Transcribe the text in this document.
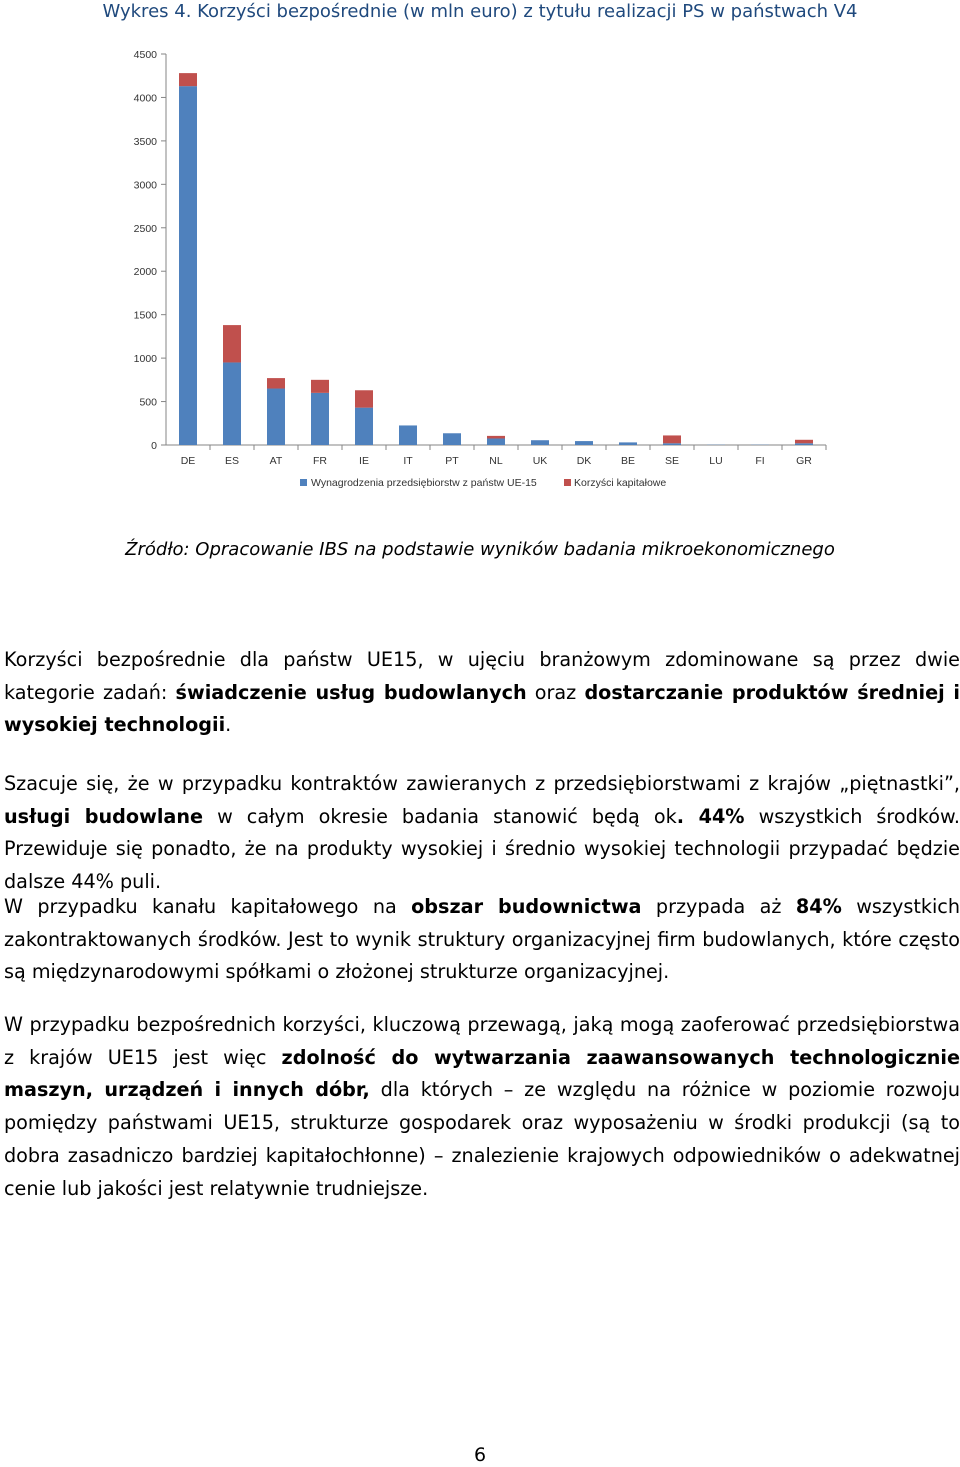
Wykres 4. Korzyści bezpośrednie (w mln euro) z tytułu realizacji PS w państwach V4
0
500
1000
1500
2000
2500
3000
3500
4000
4500
DE	ES	AT	FR	IE	IT	PT	NL	UK	DK	BE	SE	LU	FI	GR
Wynagrodzenia przedsiębiorstw z państw UE-15	Korzyści kapitałowe
Źródło: Opracowanie IBS na podstawie wyników badania mikroekonomicznego

Korzyści bezpośrednie dla państw UE15, w ujęciu branżowym zdominowane są przez dwie kategorie zadań: świadczenie usług budowlanych oraz dostarczanie produktów średniej i wysokiej technologii.

Szacuje się, że w przypadku kontraktów zawieranych z przedsiębiorstwami z krajów „piętnastki”, usługi budowlane w całym okresie badania stanowić będą ok. 44% wszystkich środków. Przewiduje się ponadto, że na produkty wysokiej i średnio wysokiej technologii przypadać będzie dalsze 44% puli.

W przypadku kanału kapitałowego na obszar budownictwa przypada aż 84% wszystkich zakontraktowanych środków. Jest to wynik struktury organizacyjnej firm budowlanych, które często są międzynarodowymi spółkami o złożonej strukturze organizacyjnej.

W przypadku bezpośrednich korzyści, kluczową przewagą, jaką mogą zaoferować przedsiębiorstwa z krajów UE15 jest więc zdolność do wytwarzania zaawansowanych technologicznie maszyn, urządzeń i innych dóbr, dla których – ze względu na różnice w poziomie rozwoju pomiędzy państwami UE15, strukturze gospodarek oraz wyposażeniu w środki produkcji (są to dobra zasadniczo bardziej kapitałochłonne) – znalezienie krajowych odpowiedników o adekwatnej cenie lub jakości jest relatywnie trudniejsze.

6
